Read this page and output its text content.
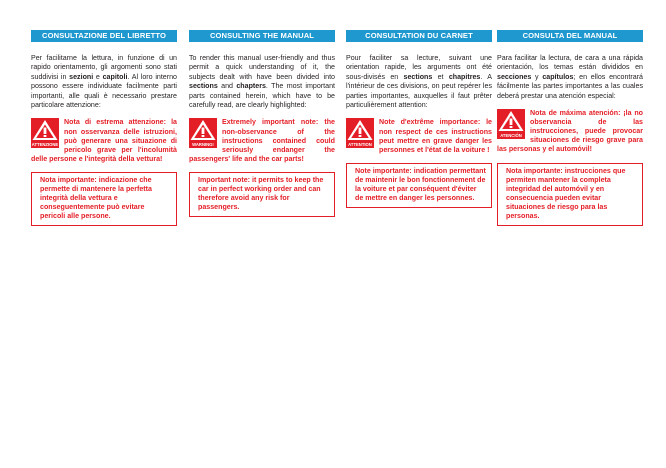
CONSULTAZIONE DEL LIBRETTO
Per facilitarne la lettura, in funzione di un rapido orientamento, gli argomenti sono stati suddivisi in sezioni e capitoli. Al loro interno possono essere individuate facilmente parti importanti, alle quali è necessario prestare particolare attenzione:
ATTENZIONE
Nota di estrema attenzione: la non osservanza delle istruzioni, può generare una situazione di pericolo grave per l'incolumità delle persone e l'integrità della vettura!
Nota importante: indicazione che permette di mantenere la perfetta integrità della vettura e conseguentemente può evitare pericoli alle persone.
CONSULTING THE MANUAL
To render this manual user-friendly and thus permit a quick understanding of it, the subjects dealt with have been divided into sections and chapters. The most important parts contained herein, which have to be carefully read, are clearly highlighted:
WARNING!
Extremely important note: the non-observance of the instructions contained could seriously endanger the passengers' life and the car parts!
Important note: it permits to keep the car in perfect working order and can therefore avoid any risk for passengers.
CONSULTATION DU CARNET
Pour faciliter sa lecture, suivant une orientation rapide, les arguments ont été sous-divisés en sections et chapitres. A l'intérieur de ces divisions, on peut repérer les parties importantes, auxquelles il faut prêter particulièrement attention:
ATTENTION
Note d'extrême importance: le non respect de ces instructions peut mettre en grave danger les personnes et l'état de la voiture !
Note importante: indication permettant de maintenir le bon fonctionnement de la voiture et par conséquent d'éviter de mettre en danger les personnes.
CONSULTA DEL MANUAL
Para facilitar la lectura, de cara a una rápida orientación, los temas están divididos en secciones y capítulos; en ellos encontrará fácilmente las partes importantes a las cuales deberá prestar una atención especial:
ATENCIÓN
Nota de máxima atención: ¡la no observancia de las instrucciones, puede provocar situaciones de riesgo grave para las personas y el automóvil!
Nota importante: instrucciones que permiten mantener la completa integridad del automóvil y en consecuencia pueden evitar situaciones de riesgo para las personas.
